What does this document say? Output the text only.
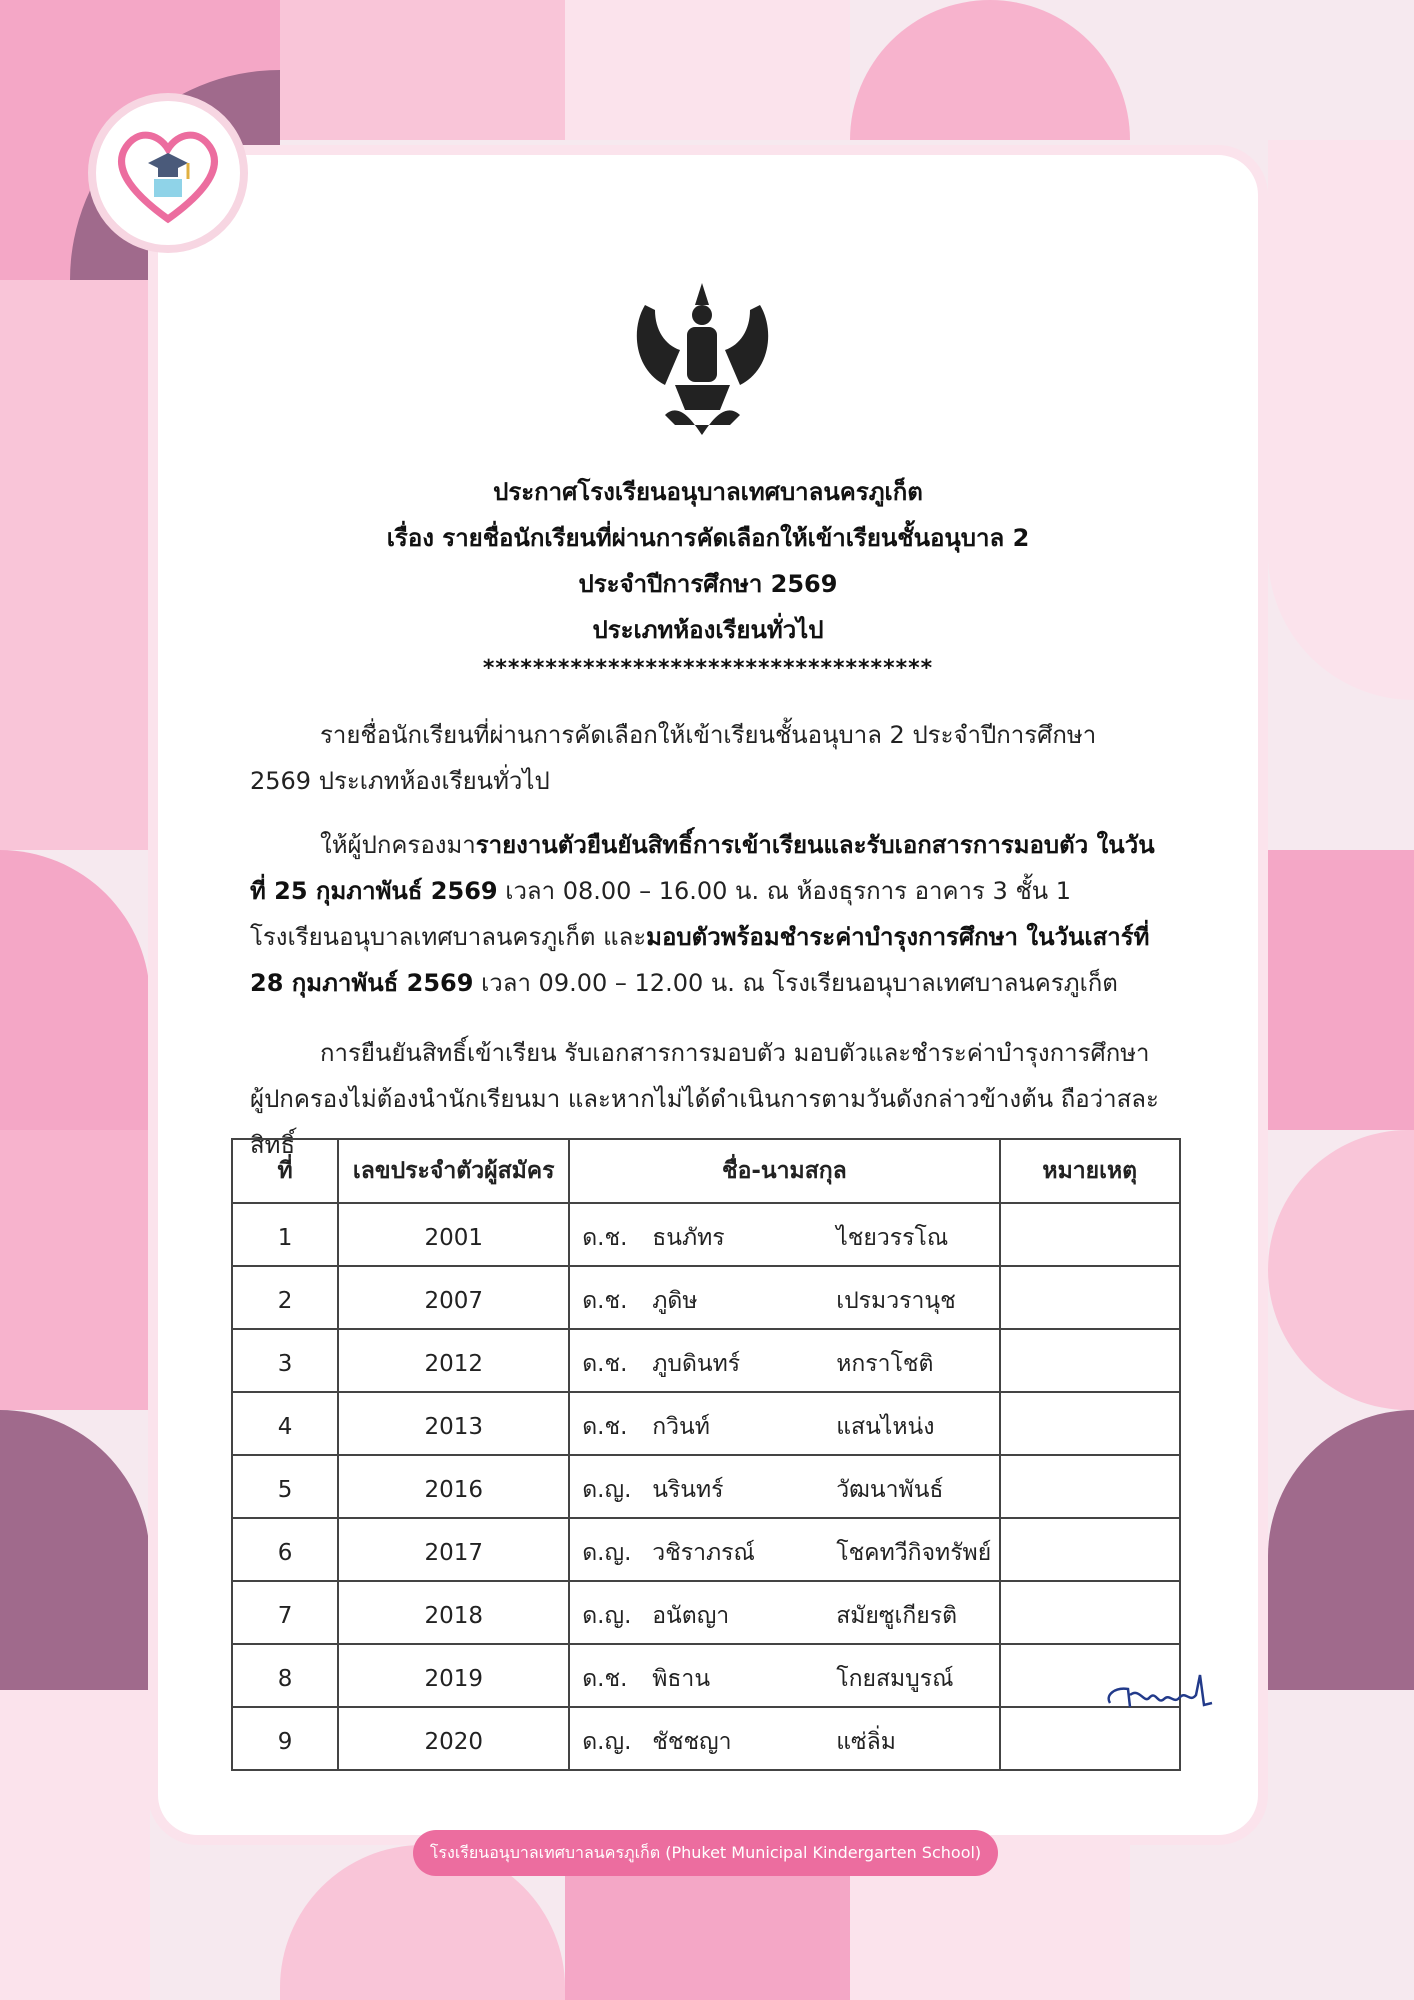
ประกาศโรงเรียนอนุบาลเทศบาลนครภูเก็ต

เรื่อง รายชื่อนักเรียนที่ผ่านการคัดเลือกให้เข้าเรียนชั้นอนุบาล 2

ประจำปีการศึกษา 2569

ประเภทห้องเรียนทั่วไป

************************************

รายชื่อนักเรียนที่ผ่านการคัดเลือกให้เข้าเรียนชั้นอนุบาล 2 ประจำปีการศึกษา 2569 ประเภทห้องเรียนทั่วไป

ให้ผู้ปกครองมารายงานตัวยืนยันสิทธิ์การเข้าเรียนและรับเอกสารการมอบตัว ในวันที่ 25 กุมภาพันธ์ 2569 เวลา 08.00 – 16.00 น. ณ ห้องธุรการ อาคาร 3 ชั้น 1 โรงเรียนอนุบาลเทศบาลนครภูเก็ต และมอบตัวพร้อมชำระค่าบำรุงการศึกษา ในวันเสาร์ที่ 28 กุมภาพันธ์ 2569 เวลา 09.00 – 12.00 น. ณ โรงเรียนอนุบาลเทศบาลนครภูเก็ต

การยืนยันสิทธิ์เข้าเรียน รับเอกสารการมอบตัว มอบตัวและชำระค่าบำรุงการศึกษา ผู้ปกครองไม่ต้องนำนักเรียนมา และหากไม่ได้ดำเนินการตามวันดังกล่าวข้างต้น ถือว่าสละสิทธิ์

ที่	เลขประจำตัวผู้สมัคร	ชื่อ-นามสกุล	หมายเหตุ
1	2001	ด.ช. ธนภัทร ไชยวรรโณ	

2	2007	ด.ช. ภูดิษ เปรมวรานุช	

3	2012	ด.ช. ภูบดินทร์ หกราโชติ	

4	2013	ด.ช. กวินท์ แสนไหน่ง	

5	2016	ด.ญ. นรินทร์ วัฒนาพันธ์	

6	2017	ด.ญ. วชิราภรณ์ โชคทวีกิจทรัพย์	

7	2018	ด.ญ. อนัตญา สมัยซูเกียรติ	

8	2019	ด.ช. พิธาน โกยสมบูรณ์	

9	2020	ด.ญ. ชัชชญา แซ่ลิ่ม	

โรงเรียนอนุบาลเทศบาลนครภูเก็ต (Phuket Municipal Kindergarten School)
